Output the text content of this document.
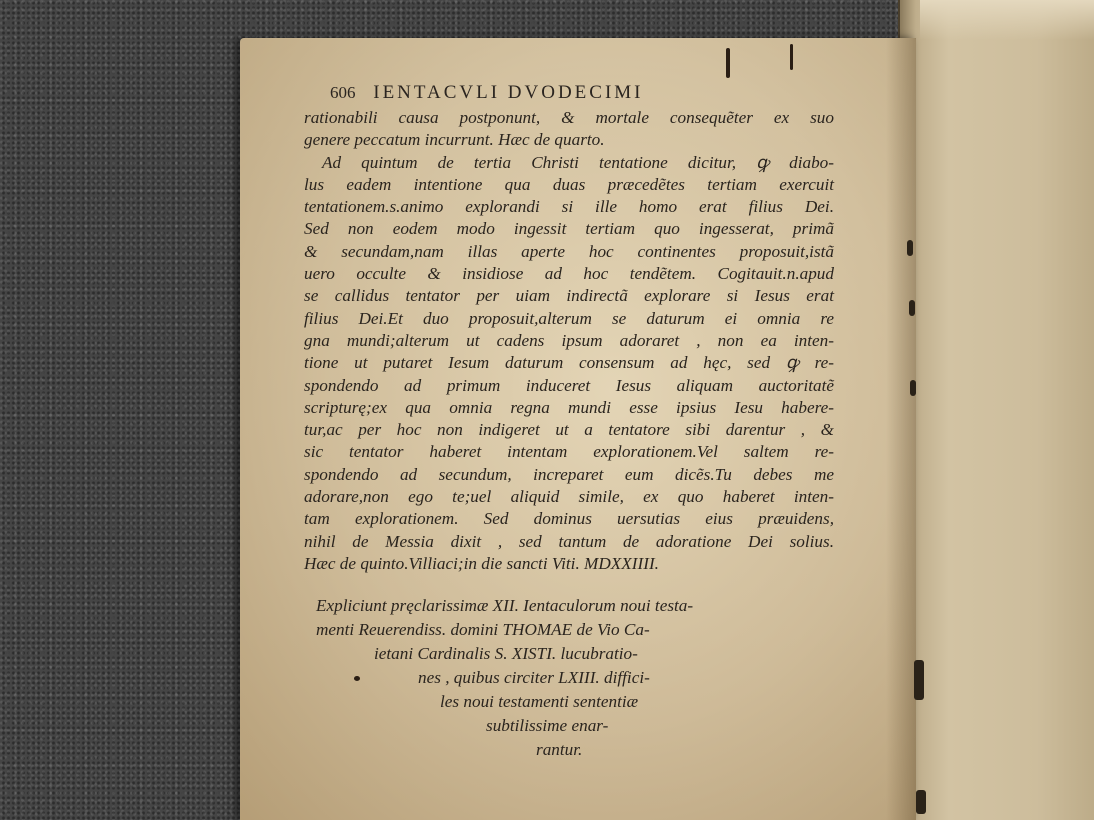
606 IENTACVLI DVODECIMI
rationabili causa postponunt, & mortale consequẽter ex suo
genere peccatum incurrunt. Hæc de quarto.
Ad quintum de tertia Christi tentatione dicitur, ꝙ diabo-
lus eadem intentione qua duas præcedẽtes tertiam exercuit
tentationem.s.animo explorandi si ille homo erat filius Dei.
Sed non eodem modo ingessit tertiam quo ingesserat, primã
& secundam,nam illas aperte hoc continentes proposuit,istã
uero occulte & insidiose ad hoc tendẽtem. Cogitauit.n.apud
se callidus tentator per uiam indirectã explorare si Iesus erat
filius Dei.Et duo proposuit,alterum se daturum ei omnia re
gna mundi;alterum ut cadens ipsum adoraret , non ea inten-
tione ut putaret Iesum daturum consensum ad hęc, sed ꝙ re-
spondendo ad primum induceret Iesus aliquam auctoritatẽ
scripturę;ex qua omnia regna mundi esse ipsius Iesu habere-
tur,ac per hoc non indigeret ut a tentatore sibi darentur , &
sic tentator haberet intentam explorationem.Vel saltem re-
spondendo ad secundum, increparet eum dicẽs.Tu debes me
adorare,non ego te;uel aliquid simile, ex quo haberet inten-
tam explorationem. Sed dominus uersutias eius præuidens,
nihil de Messia dixit , sed tantum de adoratione Dei solius.
Hæc de quinto.Villiaci;in die sancti Viti. MDXXIIII.
Expliciunt pręclarissimæ XII. Ientaculorum noui testa-
menti Reuerendiss. domini THOMAE de Vio Ca-
ietani Cardinalis S. XISTI. lucubratio-
nes , quibus circiter LXIII. diffici-
les noui testamenti sententiæ
subtilissime enar-
rantur.
